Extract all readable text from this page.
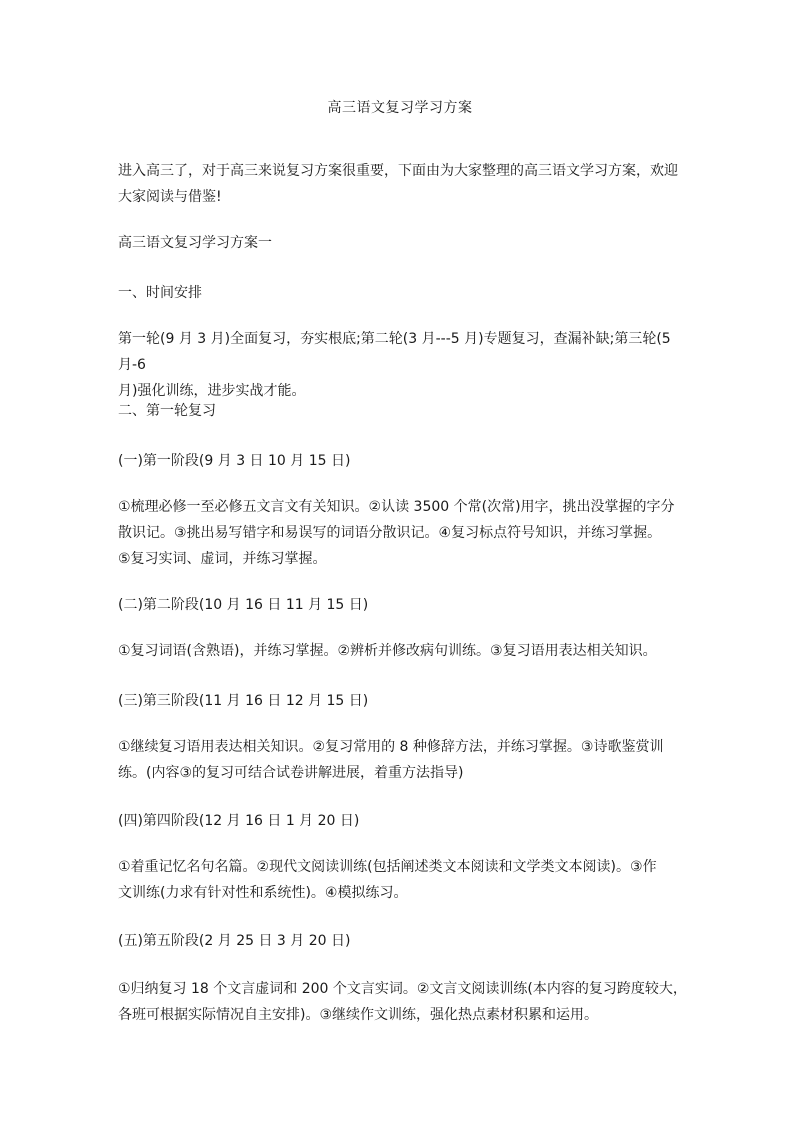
高三语文复习学习方案
进入高三了，对于高三来说复习方案很重要，下面由为大家整理的高三语文学习方案，欢迎
大家阅读与借鉴!
高三语文复习学习方案一
一、时间安排
第一轮(9 月 3 月)全面复习，夯实根底;第二轮(3 月---5 月)专题复习，查漏补缺;第三轮(5 月-6
月)强化训练，进步实战才能。
二、第一轮复习
(一)第一阶段(9 月 3 日 10 月 15 日)
①梳理必修一至必修五文言文有关知识。②认读 3500 个常(次常)用字，挑出没掌握的字分
散识记。③挑出易写错字和易误写的词语分散识记。④复习标点符号知识，并练习掌握。
⑤复习实词、虚词，并练习掌握。
(二)第二阶段(10 月 16 日 11 月 15 日)
①复习词语(含熟语)，并练习掌握。②辨析并修改病句训练。③复习语用表达相关知识。
(三)第三阶段(11 月 16 日 12 月 15 日)
①继续复习语用表达相关知识。②复习常用的 8 种修辞方法，并练习掌握。③诗歌鉴赏训
练。(内容③的复习可结合试卷讲解进展，着重方法指导)
(四)第四阶段(12 月 16 日 1 月 20 日)
①着重记忆名句名篇。②现代文阅读训练(包括阐述类文本阅读和文学类文本阅读)。③作
文训练(力求有针对性和系统性)。④模拟练习。
(五)第五阶段(2 月 25 日 3 月 20 日)
①归纳复习 18 个文言虚词和 200 个文言实词。②文言文阅读训练(本内容的复习跨度较大，
各班可根据实际情况自主安排)。③继续作文训练，强化热点素材积累和运用。
